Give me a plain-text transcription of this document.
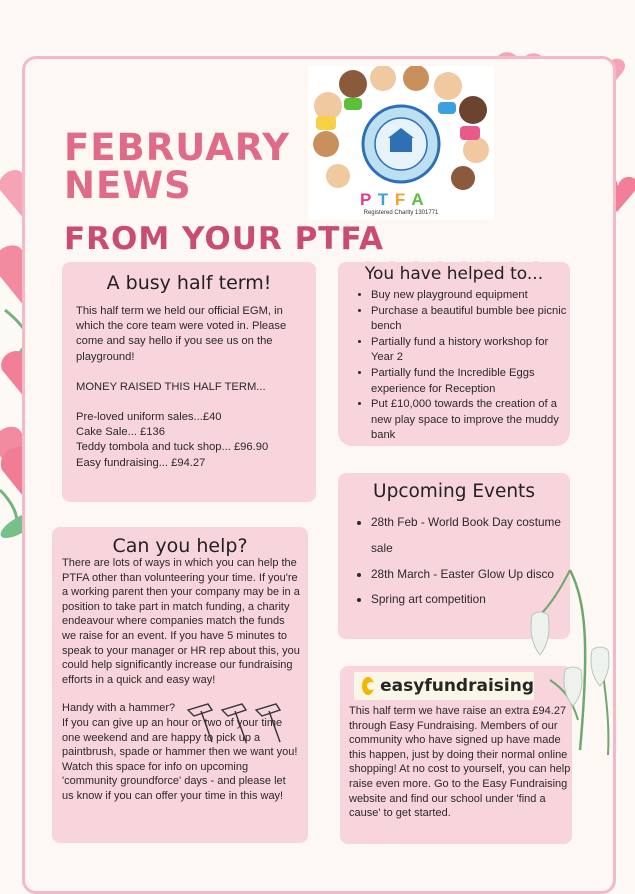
FEBRUARY
NEWS
FROM YOUR PTFA
P T F A
Registered Charity 1301771
A busy half term!

This half term we held our official EGM, in which the core team were voted in. Please come and say hello if you see us on the playground!

MONEY RAISED THIS HALF TERM...

Pre-loved uniform sales...£40

Cake Sale... £136

Teddy tombola and tuck shop... £96.90

Easy fundraising... £94.27

You have helped to...
• Buy new playground equipment
• Purchase a beautiful bumble bee picnic bench
• Partially fund a history workshop for Year 2
• Partially fund the Incredible Eggs experience for Reception
• Put £10,000 towards the creation of a new play space to improve the muddy bank
Upcoming Events
• 28th Feb - World Book Day costume sale
• 28th March - Easter Glow Up disco
• Spring art competition
Can you help?

There are lots of ways in which you can help the PTFA other than volunteering your time. If you're a working parent then your company may be in a position to take part in match funding, a charity endeavour where companies match the funds we raise for an event. If you have 5 minutes to speak to your manager or HR rep about this, you could help significantly increase our fundraising efforts in a quick and easy way!

Handy with a hammer?

If you can give up an hour or two of your time one weekend and are happy to pick up a paintbrush, spade or hammer then we want you! Watch this space for info on upcoming 'community groundforce' days - and please let us know if you can offer your time in this way!

easyfundraising

This half term we have raise an extra £94.27 through Easy Fundraising. Members of our community who have signed up have made this happen, just by doing their normal online shopping! At no cost to yourself, you can help raise even more. Go to the Easy Fundraising website and find our school under 'find a cause' to get started.
